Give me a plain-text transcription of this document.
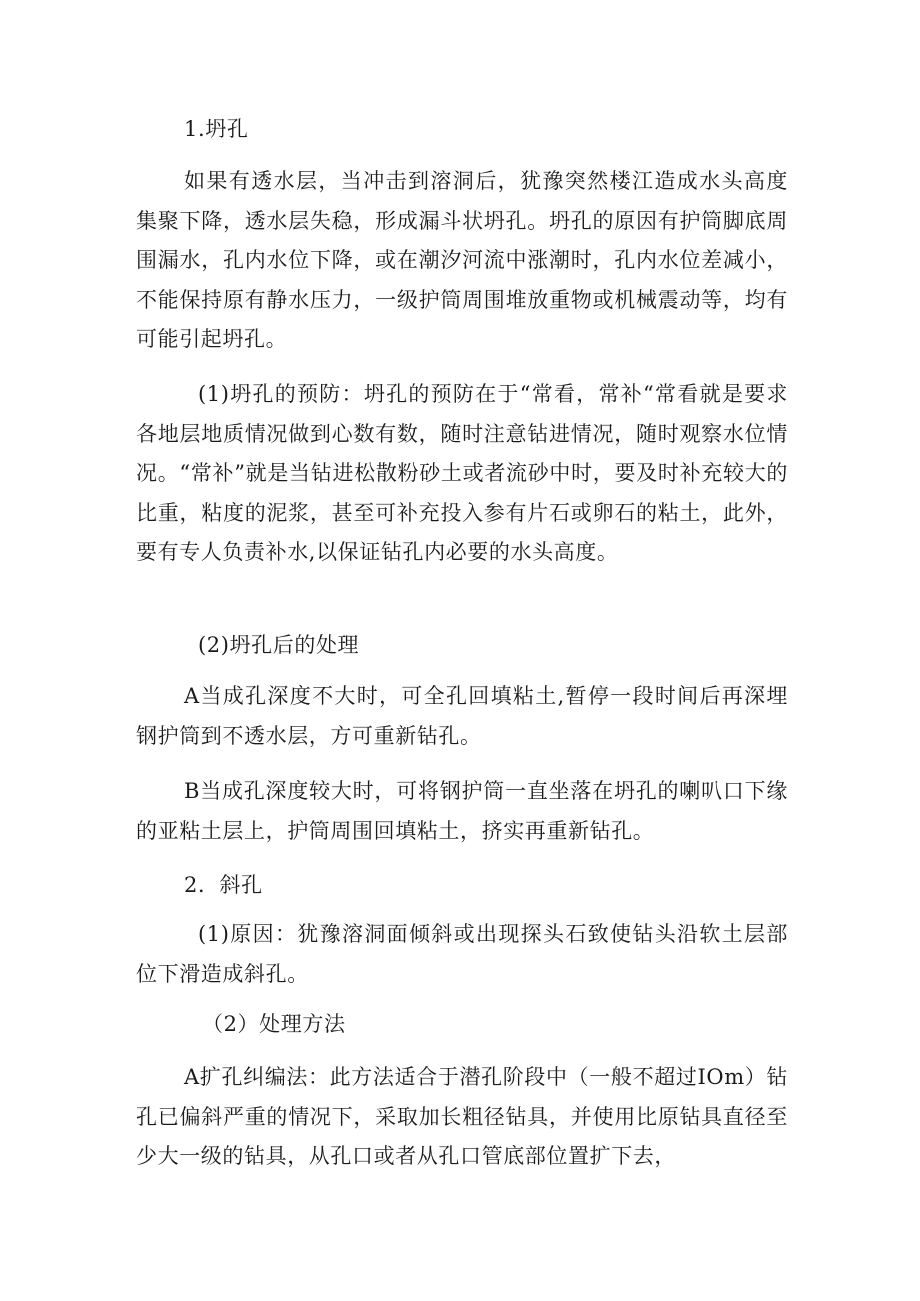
1.坍孔

如果有透水层，当冲击到溶洞后，犹豫突然楼江造成水头高度集聚下降，透水层失稳，形成漏斗状坍孔。坍孔的原因有护筒脚底周围漏水，孔内水位下降，或在潮汐河流中涨潮时，孔内水位差减小，不能保持原有静水压力，一级护筒周围堆放重物或机械震动等，均有可能引起坍孔。

(1)坍孔的预防：坍孔的预防在于“常看，常补“常看就是要求各地层地质情况做到心数有数，随时注意钻进情况，随时观察水位情况。“常补”就是当钻进松散粉砂土或者流砂中时，要及时补充较大的比重，粘度的泥浆，甚至可补充投入参有片石或卵石的粘土，此外，要有专人负责补水,以保证钻孔内必要的水头高度。

(2)坍孔后的处理

A当成孔深度不大时，可全孔回填粘土,暂停一段时间后再深埋钢护筒到不透水层，方可重新钻孔。

B当成孔深度较大时，可将钢护筒一直坐落在坍孔的喇叭口下缘的亚粘土层上，护筒周围回填粘土，挤实再重新钻孔。

2．斜孔

(1)原因：犹豫溶洞面倾斜或出现探头石致使钻头沿软土层部位下滑造成斜孔。

（2）处理方法

A扩孔纠编法：此方法适合于潜孔阶段中（一般不超过IOm）钻孔已偏斜严重的情况下，采取加长粗径钻具，并使用比原钻具直径至少大一级的钻具，从孔口或者从孔口管底部位置扩下去，
